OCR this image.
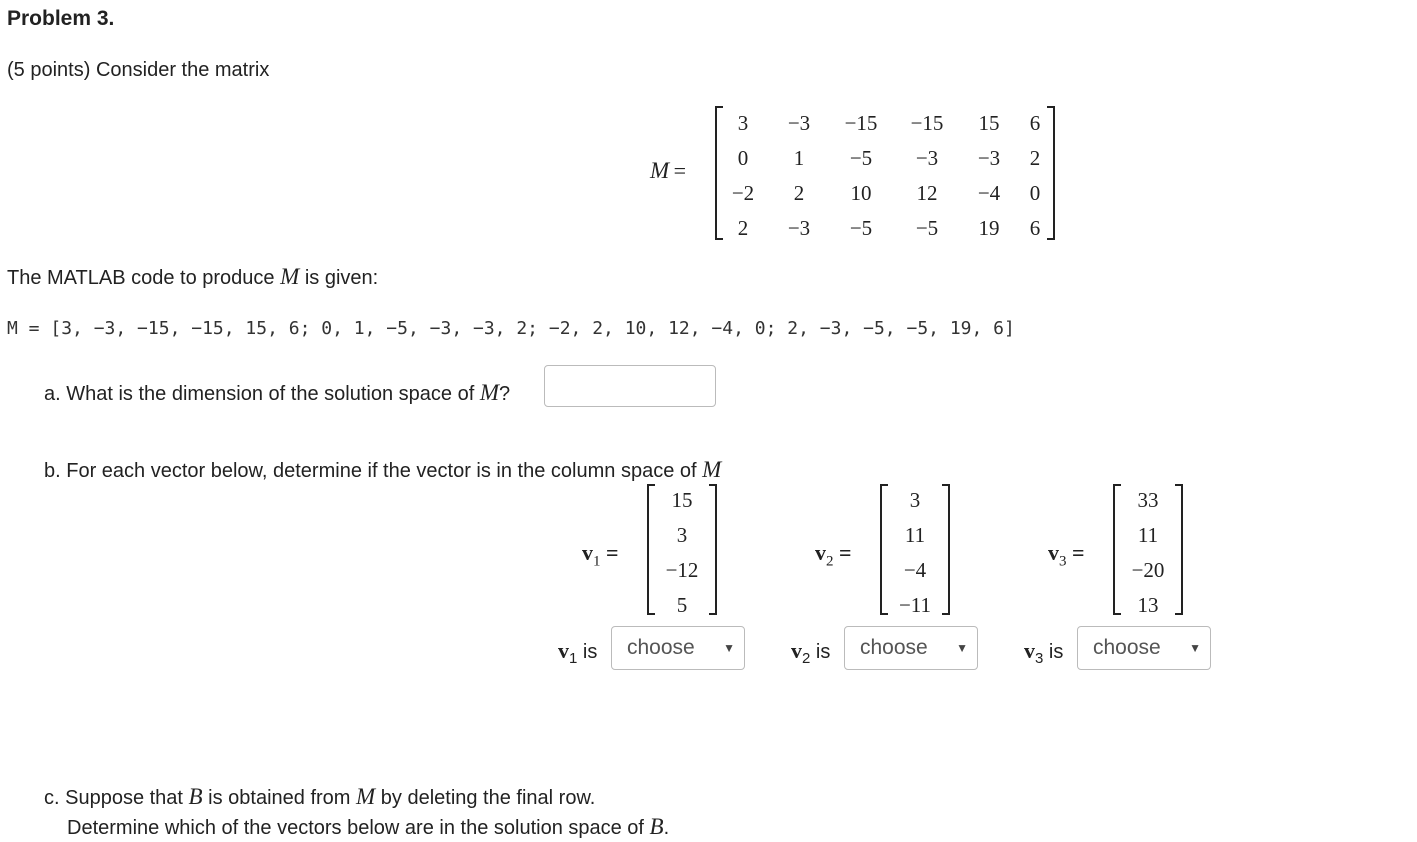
Problem 3.
(5 points) Consider the matrix
M =
3	−3	−15	−15	15	6
0	1	−5	−3	−3	2
−2	2	10	12	−4	0
2	−3	−5	−5	19	6
The MATLAB code to produce M is given:
M = [3, −3, −15, −15, 15, 6; 0, 1, −5, −3, −3, 2; −2, 2, 10, 12, −4, 0; 2, −3, −5, −5, 19, 6]
a. What is the dimension of the solution space of M?
b. For each vector below, determine if the vector is in the column space of M
$v_1$ =
15
3
−12
5
$v_2$ =
3
11
−4
−11
$v_3$ =
33
11
−20
13
$v_1$ is	choose ▼	$v_2$ is	choose ▼	$v_3$ is	choose ▼
c. Suppose that B is obtained from M by deleting the final row.
Determine which of the vectors below are in the solution space of B.
